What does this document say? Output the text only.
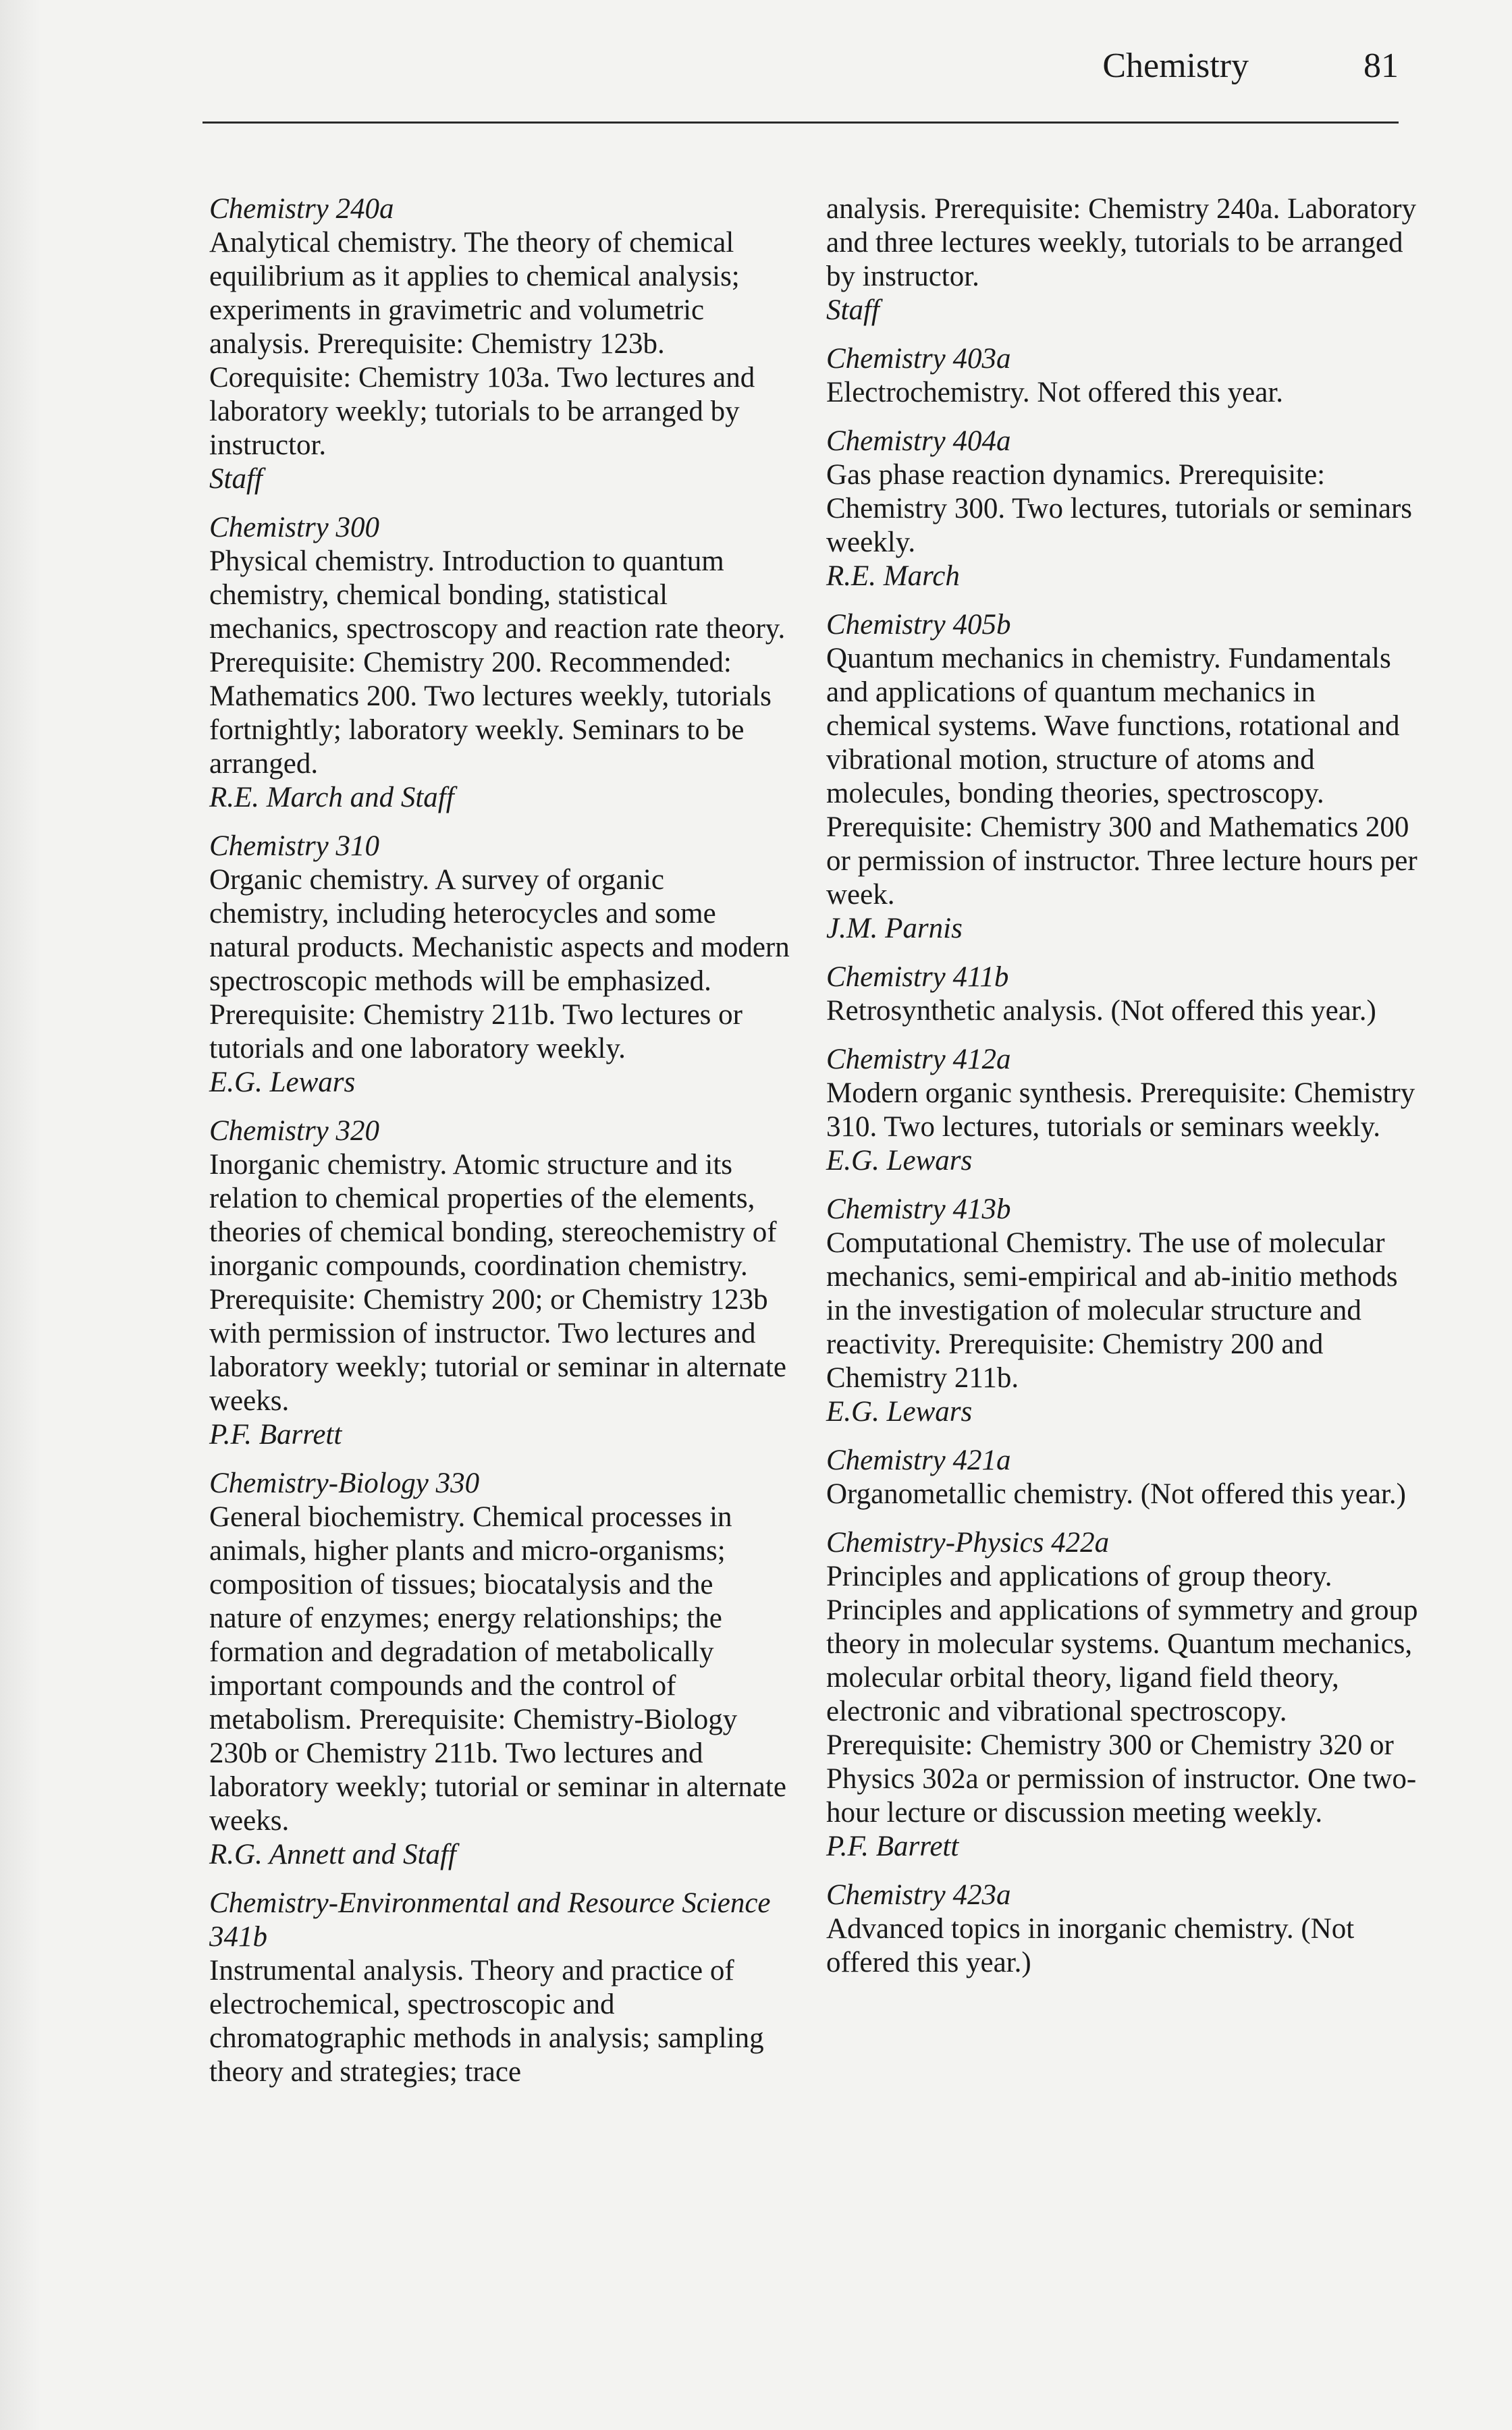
Chemistry	81
Chemistry 240a
Analytical chemistry. The theory of chemical equilibrium as it applies to chemical analysis; experiments in gravimetric and volumetric analysis. Prerequisite: Chemistry 123b. Corequisite: Chemistry 103a. Two lectures and laboratory weekly; tutorials to be arranged by instructor.
Staff
Chemistry 300
Physical chemistry. Introduction to quantum chemistry, chemical bonding, statistical mechanics, spectroscopy and reaction rate theory. Prerequisite: Chemistry 200. Recommended: Mathematics 200. Two lectures weekly, tutorials fortnightly; laboratory weekly. Seminars to be arranged.
R.E. March and Staff
Chemistry 310
Organic chemistry. A survey of organic chemistry, including heterocycles and some natural products. Mechanistic aspects and modern spectroscopic methods will be emphasized. Prerequisite: Chemistry 211b. Two lectures or tutorials and one laboratory weekly.
E.G. Lewars
Chemistry 320
Inorganic chemistry. Atomic structure and its relation to chemical properties of the elements, theories of chemical bonding, stereochemistry of inorganic compounds, coordination chemistry. Prerequisite: Chemistry 200; or Chemistry 123b with permission of instructor. Two lectures and laboratory weekly; tutorial or seminar in alternate weeks.
P.F. Barrett
Chemistry-Biology 330
General biochemistry. Chemical processes in animals, higher plants and micro-organisms; composition of tissues; biocatalysis and the nature of enzymes; energy relationships; the formation and degradation of metabolically important compounds and the control of metabolism. Prerequisite: Chemistry-Biology 230b or Chemistry 211b. Two lectures and laboratory weekly; tutorial or seminar in alternate weeks.
R.G. Annett and Staff
Chemistry-Environmental and Resource Science 341b
Instrumental analysis. Theory and practice of electrochemical, spectroscopic and chromatographic methods in analysis; sampling theory and strategies; trace
analysis. Prerequisite: Chemistry 240a. Laboratory and three lectures weekly, tutorials to be arranged by instructor.
Staff
Chemistry 403a
Electrochemistry. Not offered this year.
Chemistry 404a
Gas phase reaction dynamics. Prerequisite: Chemistry 300. Two lectures, tutorials or seminars weekly.
R.E. March
Chemistry 405b
Quantum mechanics in chemistry. Fundamentals and applications of quantum mechanics in chemical systems. Wave functions, rotational and vibrational motion, structure of atoms and molecules, bonding theories, spectroscopy. Prerequisite: Chemistry 300 and Mathematics 200 or permission of instructor. Three lecture hours per week.
J.M. Parnis
Chemistry 411b
Retrosynthetic analysis. (Not offered this year.)
Chemistry 412a
Modern organic synthesis. Prerequisite: Chemistry 310. Two lectures, tutorials or seminars weekly.
E.G. Lewars
Chemistry 413b
Computational Chemistry. The use of molecular mechanics, semi-empirical and ab-initio methods in the investigation of molecular structure and reactivity. Prerequisite: Chemistry 200 and Chemistry 211b.
E.G. Lewars
Chemistry 421a
Organometallic chemistry. (Not offered this year.)
Chemistry-Physics 422a
Principles and applications of group theory. Principles and applications of symmetry and group theory in molecular systems. Quantum mechanics, molecular orbital theory, ligand field theory, electronic and vibrational spectroscopy. Prerequisite: Chemistry 300 or Chemistry 320 or Physics 302a or permission of instructor. One two-hour lecture or discussion meeting weekly.
P.F. Barrett
Chemistry 423a
Advanced topics in inorganic chemistry. (Not offered this year.)
